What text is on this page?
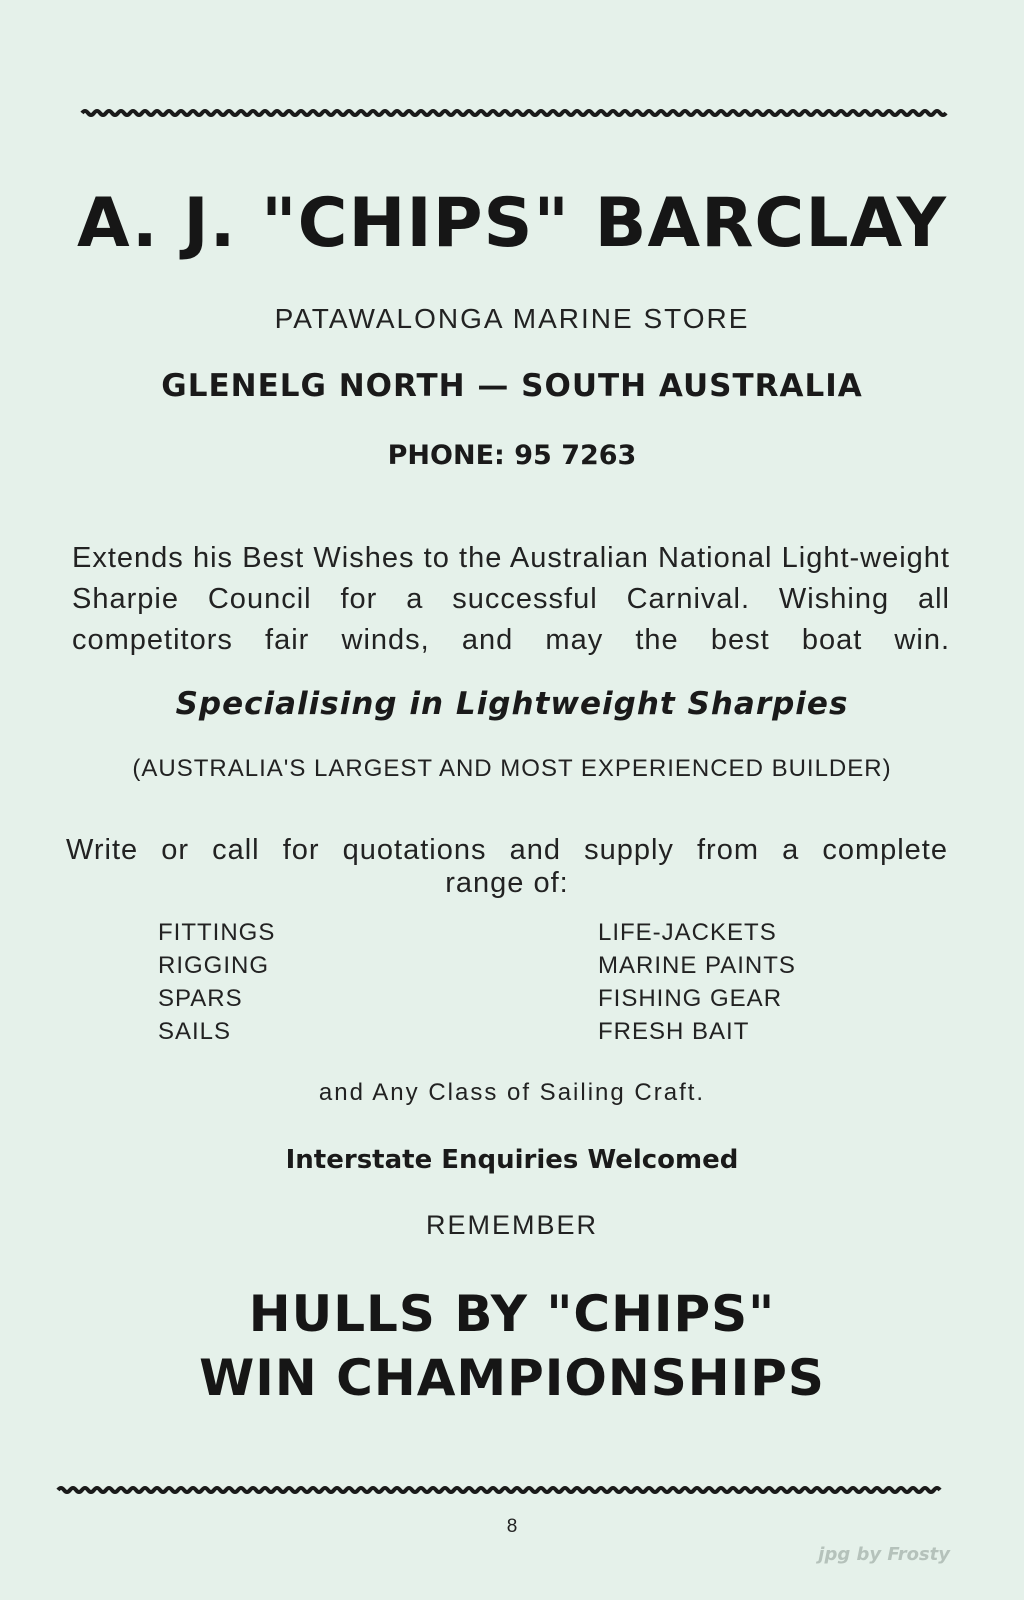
A. J. "CHIPS" BARCLAY
PATAWALONGA MARINE STORE
GLENELG NORTH — SOUTH AUSTRALIA
PHONE: 95 7263
Extends his Best Wishes to the Australian National Light-weight Sharpie Council for a successful Carnival. Wishing all competitors fair winds, and may the best boat win.
Specialising in Lightweight Sharpies
(AUSTRALIA'S LARGEST AND MOST EXPERIENCED BUILDER)
Write or call for quotations and supply from a complete
range of:
FITTINGS
RIGGING
SPARS
SAILS
LIFE-JACKETS
MARINE PAINTS
FISHING GEAR
FRESH BAIT
and Any Class of Sailing Craft.
Interstate Enquiries Welcomed
REMEMBER
HULLS BY "CHIPS"
WIN CHAMPIONSHIPS
8
jpg by Frosty
